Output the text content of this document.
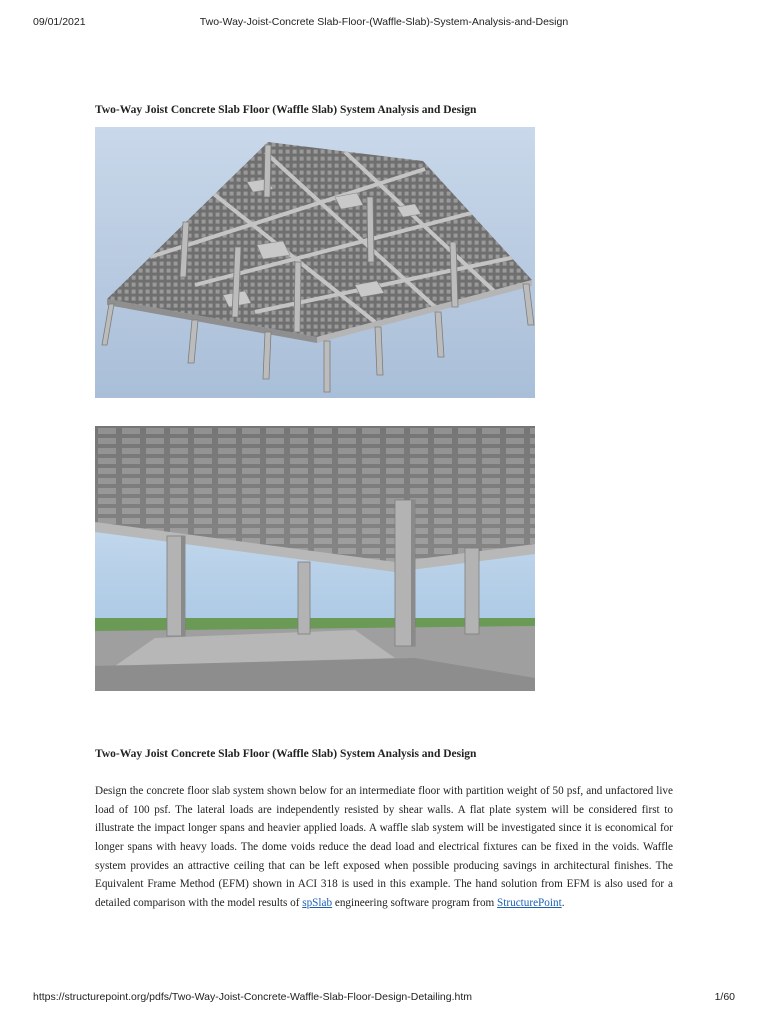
09/01/2021	Two-Way-Joist-Concrete Slab-Floor-(Waffle-Slab)-System-Analysis-and-Design
Two-Way Joist Concrete Slab Floor (Waffle Slab) System Analysis and Design
Two-Way Joist Concrete Slab Floor (Waffle Slab) System Analysis and Design

Design the concrete floor slab system shown below for an intermediate floor with partition weight of 50 psf, and unfactored live load of 100 psf. The lateral loads are independently resisted by shear walls. A flat plate system will be considered first to illustrate the impact longer spans and heavier applied loads. A waffle slab system will be investigated since it is economical for longer spans with heavy loads. The dome voids reduce the dead load and electrical fixtures can be fixed in the voids. Waffle system provides an attractive ceiling that can be left exposed when possible producing savings in architectural finishes. The Equivalent Frame Method (EFM) shown in ACI 318 is used in this example. The hand solution from EFM is also used for a detailed comparison with the model results of spSlab engineering software program from StructurePoint.

https://structurepoint.org/pdfs/Two-Way-Joist-Concrete-Waffle-Slab-Floor-Design-Detailing.htm	1/60
